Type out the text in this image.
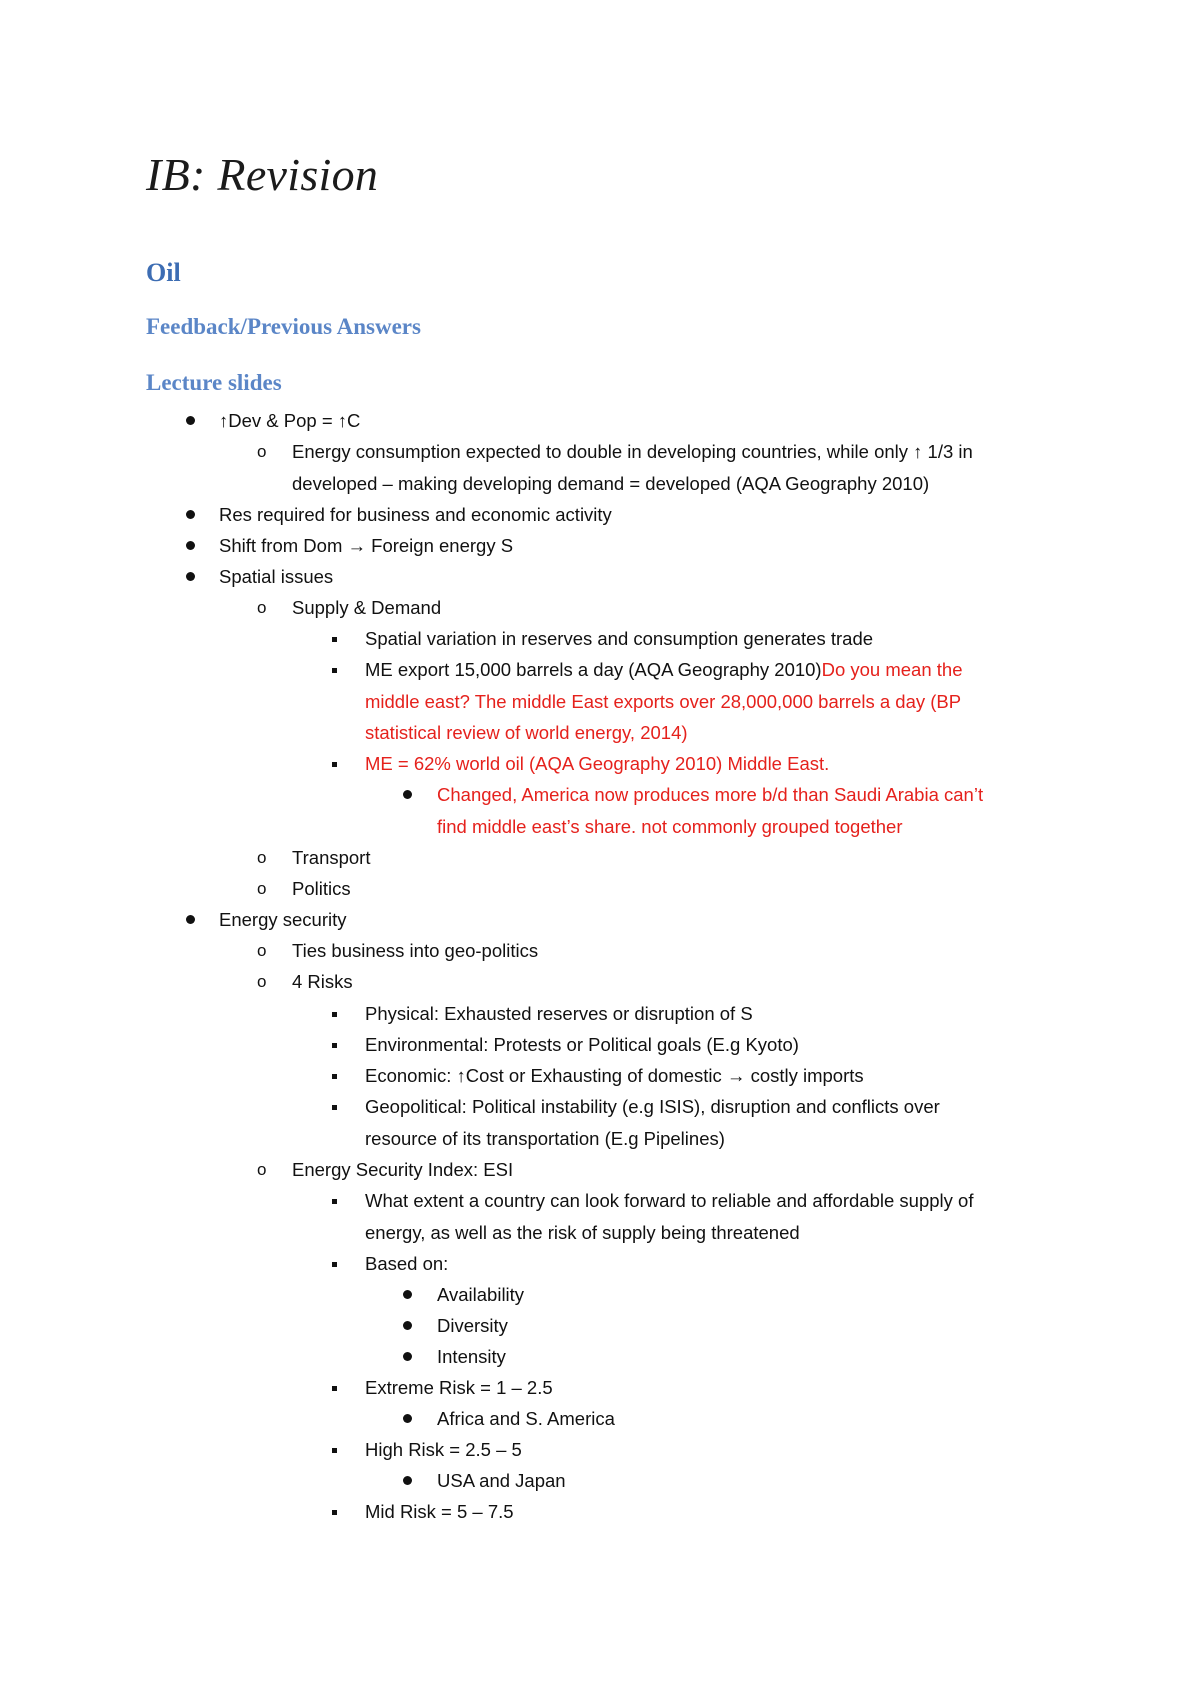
IB: Revision
Oil
Feedback/Previous Answers
Lecture slides
↑Dev & Pop = ↑C
o Energy consumption expected to double in developing countries, while only ↑ 1/3 in
developed – making developing demand = developed (AQA Geography 2010)
Res required for business and economic activity
Shift from Dom → Foreign energy S
Spatial issues
o Supply & Demand
Spatial variation in reserves and consumption generates trade
ME export 15,000 barrels a day (AQA Geography 2010)Do you mean the
middle east? The middle East exports over 28,000,000 barrels a day (BP
statistical review of world energy, 2014)
ME = 62% world oil (AQA Geography 2010) Middle East.
Changed, America now produces more b/d than Saudi Arabia can’t
find middle east’s share. not commonly grouped together
o Transport
o Politics
Energy security
o Ties business into geo-politics
o 4 Risks
Physical: Exhausted reserves or disruption of S
Environmental: Protests or Political goals (E.g Kyoto)
Economic: ↑Cost or Exhausting of domestic → costly imports
Geopolitical: Political instability (e.g ISIS), disruption and conflicts over
resource of its transportation (E.g Pipelines)
o Energy Security Index: ESI
What extent a country can look forward to reliable and affordable supply of
energy, as well as the risk of supply being threatened
Based on:
Availability
Diversity
Intensity
Extreme Risk = 1 – 2.5
Africa and S. America
High Risk = 2.5 – 5
USA and Japan
Mid Risk = 5 – 7.5
